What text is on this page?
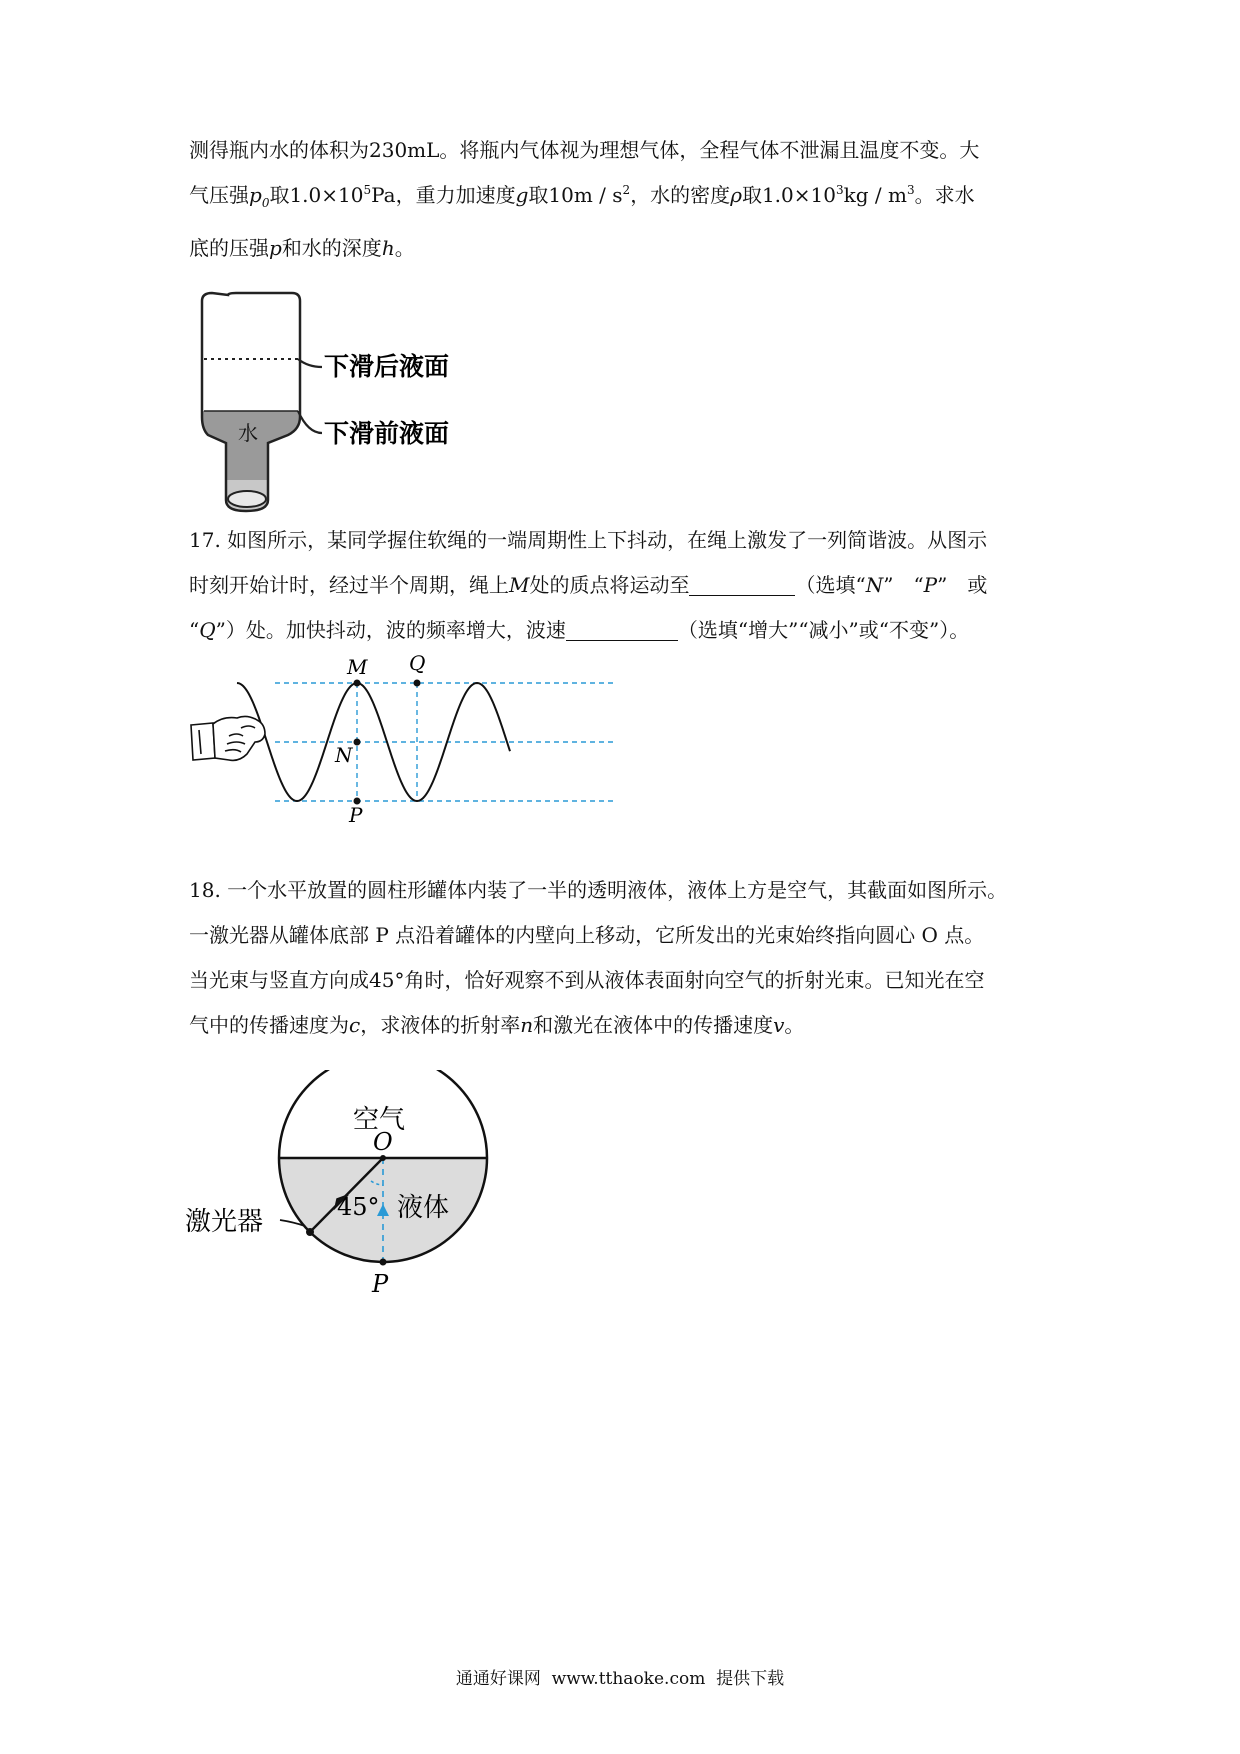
测得瓶内水的体积为230mL。将瓶内气体视为理想气体，全程气体不泄漏且温度不变。大
气压强$p_0$取$1.0\times 10^5Pa$，重力加速度g取$10m / s^2$，水的密度ρ取$1.0\times 10^3kg / m^3$。求水
底的压强p和水的深度h。
下滑后液面
下滑前液面
水
17. 如图所示，某同学握住软绳的一端周期性上下抖动，在绳上激发了一列简谐波。从图示
时刻开始计时，经过半个周期，绳上M处的质点将运动至	（选填“N”　“P”　或
“Q”）处。加快抖动，波的频率增大，波速	（选填“增大”“减小”或“不变”）。
M Q
N
P
18. 一个水平放置的圆柱形罐体内装了一半的透明液体，液体上方是空气，其截面如图所示。
一激光器从罐体底部 P 点沿着罐体的内壁向上移动，它所发出的光束始终指向圆心 O 点。
当光束与竖直方向成45°角时，恰好观察不到从液体表面射向空气的折射光束。已知光在空
气中的传播速度为c，求液体的折射率n和激光在液体中的传播速度v。
空气
O
液体
45°
激光器
P
通通好课网 www.tthaoke.com 提供下载
